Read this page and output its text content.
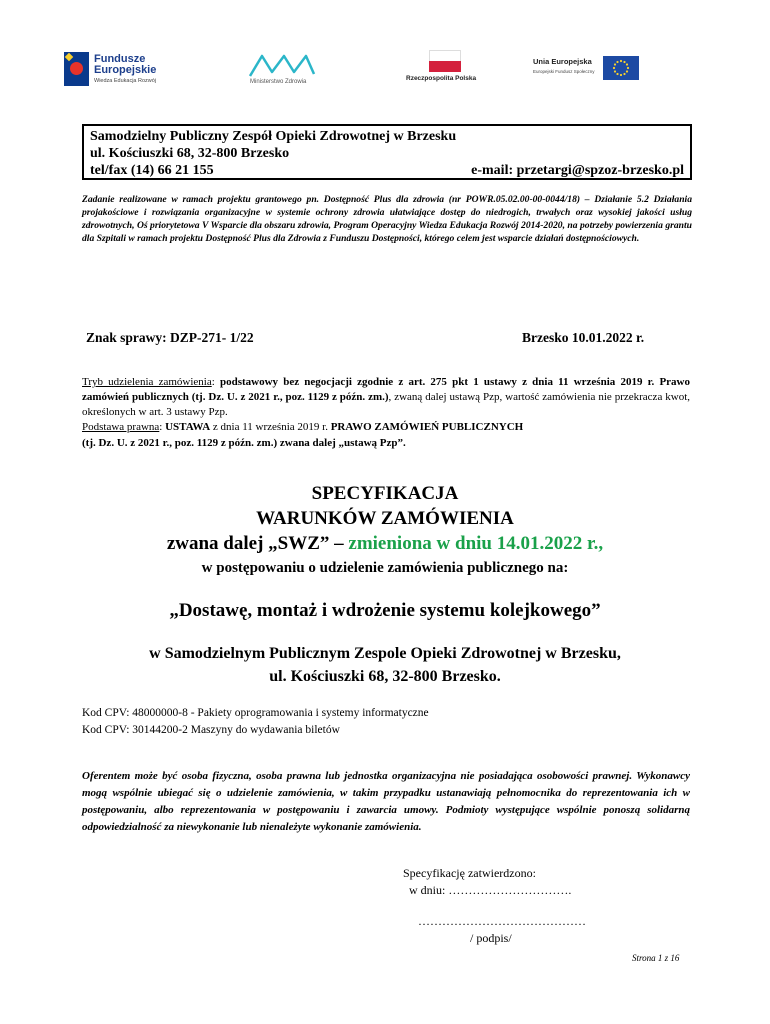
Fundusze
Europejskie
Wiedza Edukacja Rozwój	Ministerstwo Zdrowia	Rzeczpospolita Polska
Unia Europejska
Europejski Fundusz Społeczny
Samodzielny Publiczny Zespół Opieki Zdrowotnej w Brzesku
ul. Kościuszki 68, 32-800 Brzesko
tel/fax (14) 66 21 155	e-mail: przetargi@spzoz-brzesko.pl
Zadanie realizowane w ramach projektu grantowego pn. Dostępność Plus dla zdrowia (nr POWR.05.02.00-00-0044/18) – Działanie 5.2 Działania projakościowe i rozwiązania organizacyjne w systemie ochrony zdrowia ułatwiające dostęp do niedrogich, trwałych oraz wysokiej jakości usług zdrowotnych, Oś priorytetowa V Wsparcie dla obszaru zdrowia, Program Operacyjny Wiedza Edukacja Rozwój 2014-2020, na potrzeby powierzenia grantu dla Szpitali w ramach projektu Dostępność Plus dla Zdrowia z Funduszu Dostępności, którego celem jest wsparcie działań dostępnościowych.
Znak sprawy: DZP-271- 1/22	Brzesko 10.01.2022 r.
Tryb udzielenia zamówienia: podstawowy bez negocjacji zgodnie z art. 275 pkt 1 ustawy z dnia 11 września 2019 r. Prawo zamówień publicznych (tj. Dz. U. z 2021 r., poz. 1129 z późn. zm.), zwaną dalej ustawą Pzp, wartość zamówienia nie przekracza kwot, określonych w art. 3 ustawy Pzp.
Podstawa prawna: USTAWA z dnia 11 września 2019 r. PRAWO ZAMÓWIEŃ PUBLICZNYCH
(tj. Dz. U. z 2021 r., poz. 1129 z późn. zm.) zwana dalej „ustawą Pzp”.
SPECYFIKACJA
WARUNKÓW ZAMÓWIENIA
zwana dalej „SWZ” – zmieniona w dniu 14.01.2022 r.,
w postępowaniu o udzielenie zamówienia publicznego na:
„Dostawę, montaż i wdrożenie systemu kolejkowego”
w Samodzielnym Publicznym Zespole Opieki Zdrowotnej w Brzesku,
ul. Kościuszki 68, 32-800 Brzesko.
Kod CPV: 48000000-8 - Pakiety oprogramowania i systemy informatyczne
Kod CPV: 30144200-2 Maszyny do wydawania biletów
Oferentem może być osoba fizyczna, osoba prawna lub jednostka organizacyjna nie posiadająca osobowości prawnej. Wykonawcy mogą wspólnie ubiegać się o udzielenie zamówienia, w takim przypadku ustanawiają pełnomocnika do reprezentowania ich w postępowaniu, albo reprezentowania w postępowaniu i zawarcia umowy. Podmioty występujące wspólnie ponoszą solidarną odpowiedzialność za niewykonanie lub nienależyte wykonanie zamówienia.
Specyfikację zatwierdzono:
w dniu: ………………………….
……………………………………
/ podpis/
Strona 1 z 16
